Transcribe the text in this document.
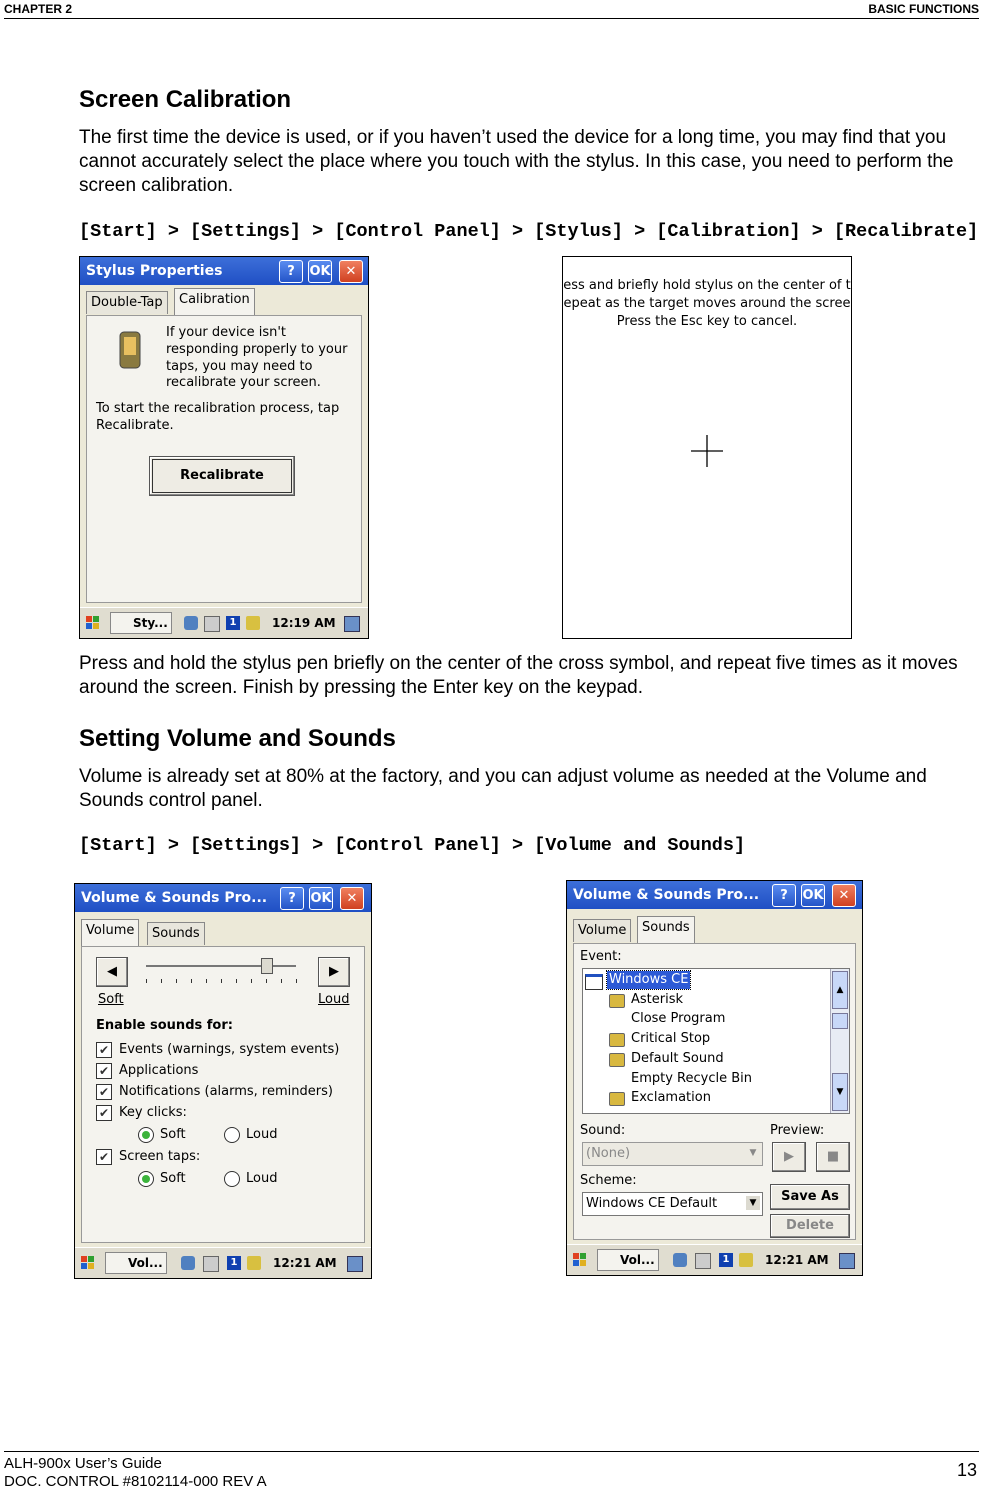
CHAPTER 2	BASIC FUNCTIONS
Screen Calibration

The first time the device is used, or if you haven’t used the device for a long time, you may find that you cannot accurately select the place where you touch with the stylus. In this case, you need to perform the screen calibration.

[Start] > [Settings] > [Control Panel] > [Stylus] > [Calibration] > [Recalibrate]
Stylus Properties	?	OK	✕
Double-Tap	Calibration
If your device isn't
responding properly to your
taps, you may need to
recalibrate your screen.
To start the recalibration process, tap
Recalibrate.
Recalibrate
Sty...	1	12:19 AM
ess and briefly hold stylus on the center of t
epeat as the target moves around the scree
Press the Esc key to cancel.

Press and hold the stylus pen briefly on the center of the cross symbol, and repeat five times as it moves around the screen. Finish by pressing the Enter key on the keypad.

Setting Volume and Sounds

Volume is already set at 80% at the factory, and you can adjust volume as needed at the Volume and Sounds control panel.

[Start] > [Settings] > [Control Panel] > [Volume and Sounds]
Volume & Sounds Pro...	?	OK	✕
Volume	Sounds
◀	▶
Soft	Loud
Enable sounds for:
✔ Events (warnings, system events)
✔ Applications
✔ Notifications (alarms, reminders)
✔ Key clicks:
Soft	Loud
✔ Screen taps:
Soft	Loud
Vol...	1	12:21 AM
Volume & Sounds Pro...	?	OK	✕
Volume	Sounds
Event:
Windows CE
Asterisk
Close Program
Critical Stop
Default Sound
Empty Recycle Bin
Exclamation
▲
▼
Sound:
(None)	▼
Preview:
▶	■
Scheme:
Windows CE Default	▼	Save As
Delete
Vol...	1	12:21 AM
ALH-900x User’s Guide
DOC. CONTROL #8102114-000 REV A
13
